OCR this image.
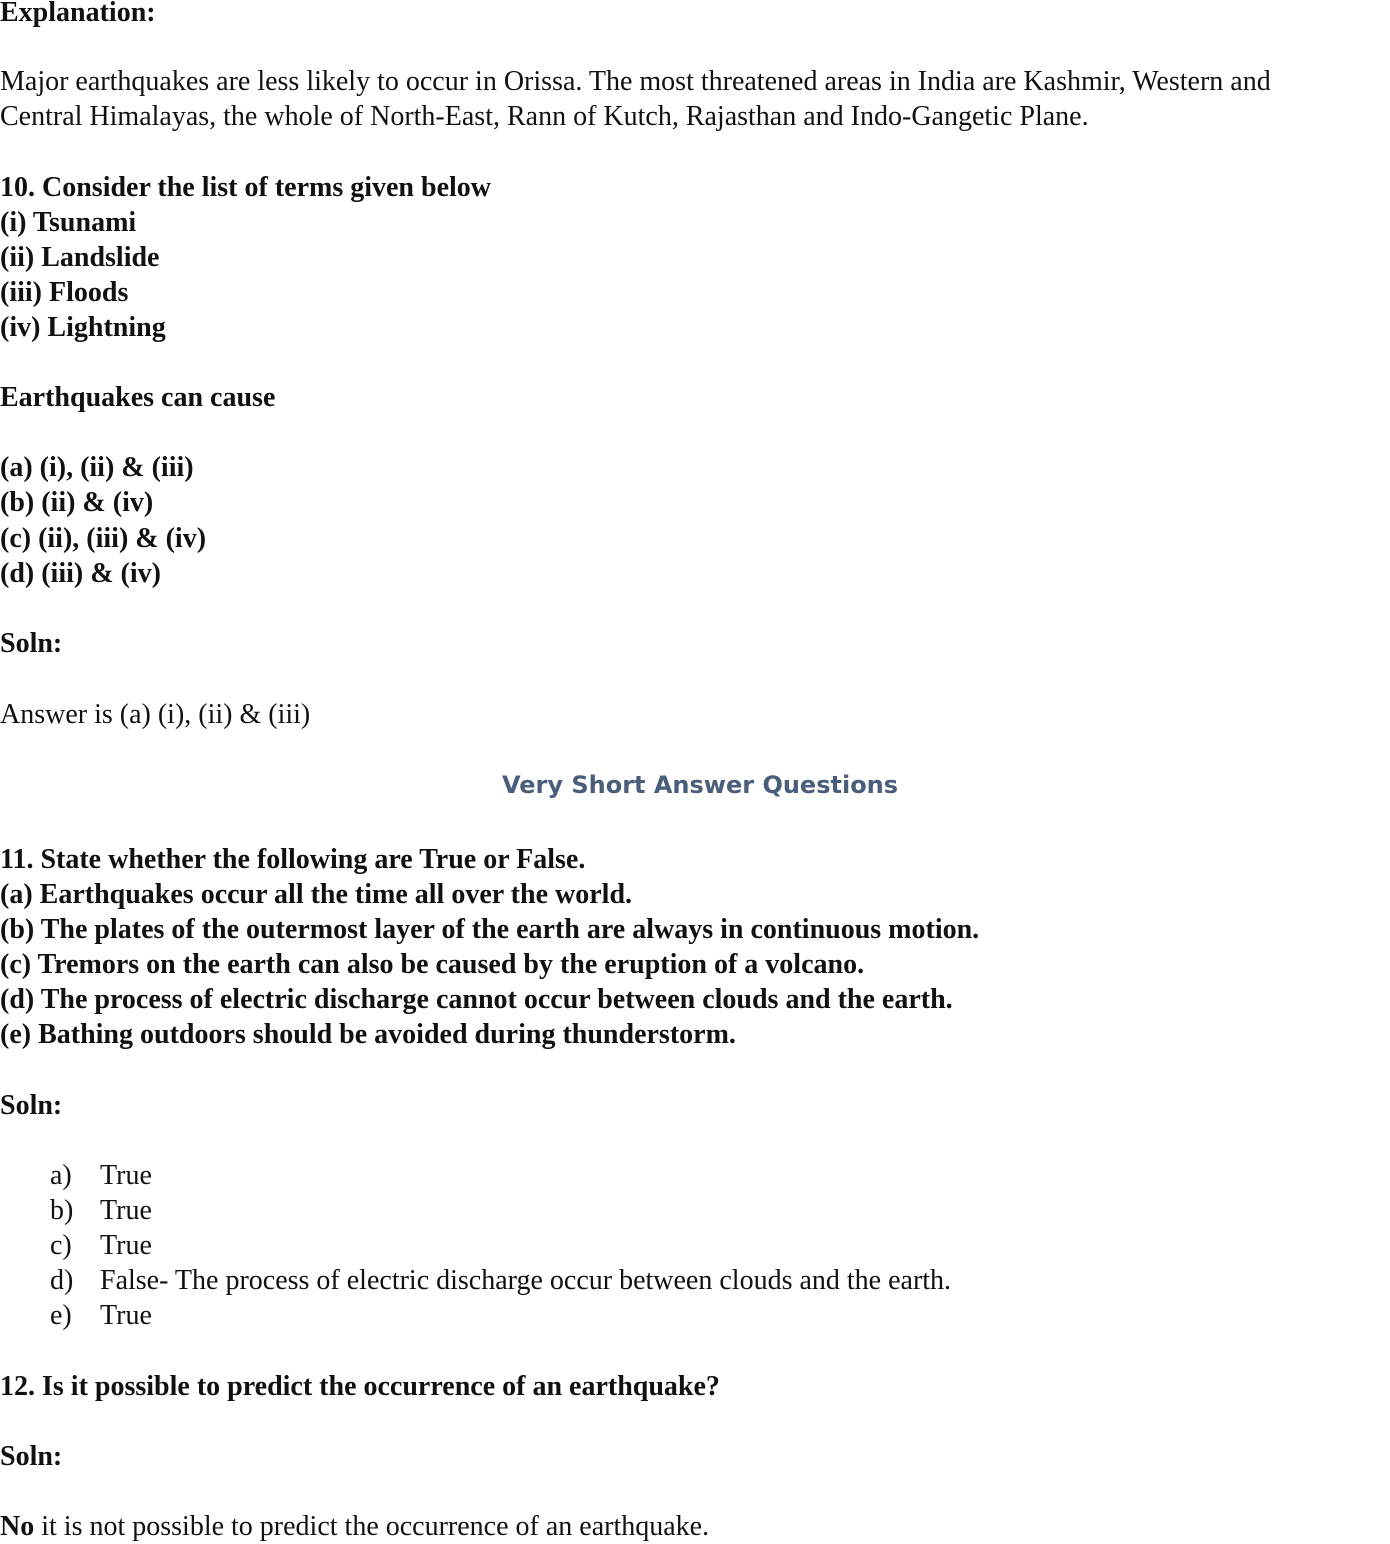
Explanation:
Major earthquakes are less likely to occur in Orissa. The most threatened areas in India are Kashmir, Western and
Central Himalayas, the whole of North-East, Rann of Kutch, Rajasthan and Indo-Gangetic Plane.
10. Consider the list of terms given below
(i) Tsunami
(ii) Landslide
(iii) Floods
(iv) Lightning
Earthquakes can cause
(a) (i), (ii) & (iii)
(b) (ii) & (iv)
(c) (ii), (iii) & (iv)
(d) (iii) & (iv)
Soln:
Answer is (a) (i), (ii) & (iii)
Very Short Answer Questions
11. State whether the following are True or False.
(a) Earthquakes occur all the time all over the world.
(b) The plates of the outermost layer of the earth are always in continuous motion.
(c) Tremors on the earth can also be caused by the eruption of a volcano.
(d) The process of electric discharge cannot occur between clouds and the earth.
(e) Bathing outdoors should be avoided during thunderstorm.
Soln:
a) True
b) True
c) True
d) False- The process of electric discharge occur between clouds and the earth.
e) True
12. Is it possible to predict the occurrence of an earthquake?
Soln:
No it is not possible to predict the occurrence of an earthquake.
